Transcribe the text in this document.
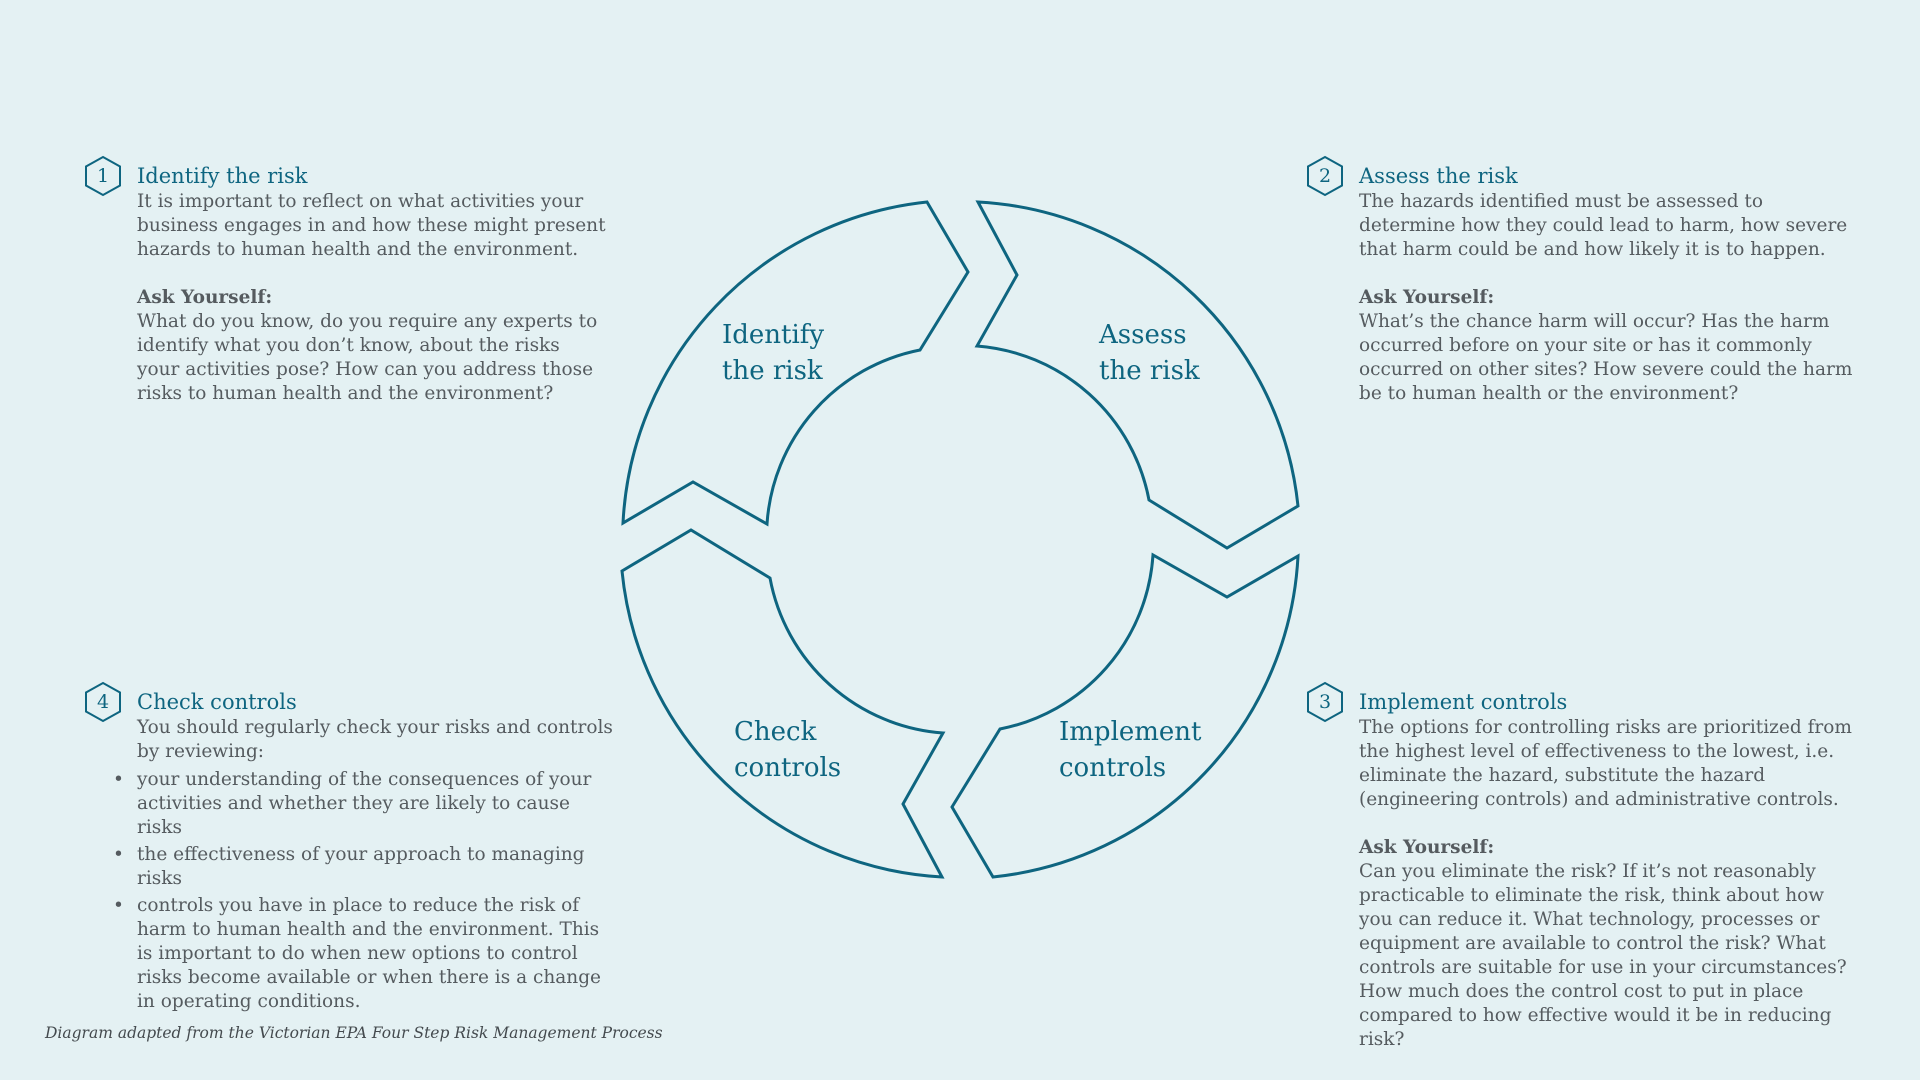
1	Identify the risk

It is important to reflect on what activities your business engages in and how these might present hazards to human health and the environment.

Ask Yourself:

What do you know, do you require any experts to identify what you don’t know, about the risks your activities pose? How can you address those risks to human health and the environment?

2	Assess the risk

The hazards identified must be assessed to determine how they could lead to harm, how severe that harm could be and how likely it is to happen.

Ask Yourself:

What’s the chance harm will occur? Has the harm occurred before on your site or has it commonly occurred on other sites? How severe could the harm be to human health or the environment?

4	Check controls

You should regularly check your risks and controls by reviewing:

• your understanding of the consequences of your activities and whether they are likely to cause risks
• the effectiveness of your approach to managing risks
• controls you have in place to reduce the risk of harm to human health and the environment. This is important to do when new options to control risks become available or when there is a change in operating conditions.
3	Implement controls

The options for controlling risks are prioritized from the highest level of effectiveness to the lowest, i.e. eliminate the hazard, substitute the hazard (engineering controls) and administrative controls.

Ask Yourself:

Can you eliminate the risk? If it’s not reasonably practicable to eliminate the risk, think about how you can reduce it. What technology, processes or equipment are available to control the risk? What controls are suitable for use in your circumstances? How much does the control cost to put in place compared to how effective would it be in reducing risk?

Identify
the risk
Assess
the risk
Check
controls
Implement
controls
Diagram adapted from the Victorian EPA Four Step Risk Management Process
